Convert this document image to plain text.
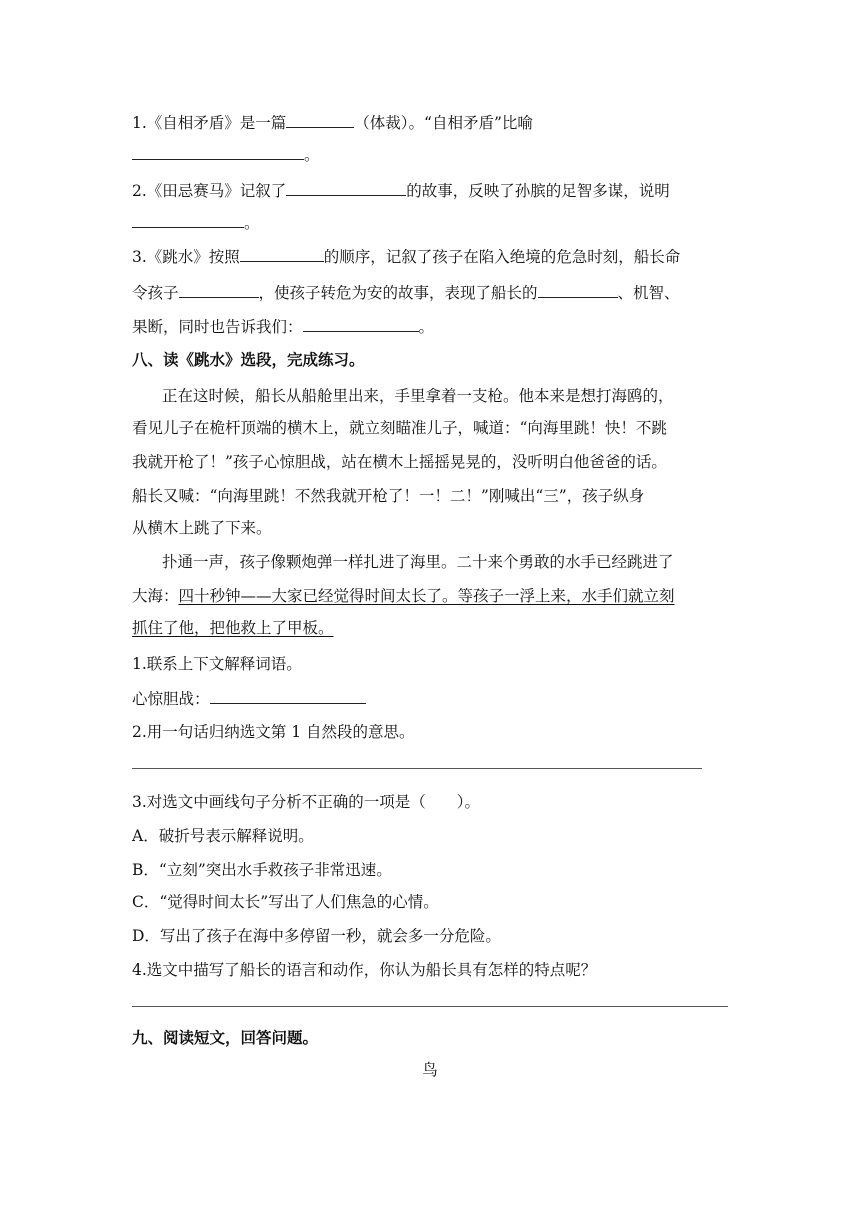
1.《自相矛盾》是一篇	（体裁）。“自相矛盾”比喻
。
2.《田忌赛马》记叙了	的故事，反映了孙膑的足智多谋，说明
。
3.《跳水》按照	的顺序，记叙了孩子在陷入绝境的危急时刻，船长命
令孩子	，使孩子转危为安的故事，表现了船长的	、机智、
果断，同时也告诉我们：	。
八、读《跳水》选段，完成练习。
正在这时候，船长从船舱里出来，手里拿着一支枪。他本来是想打海鸥的，
看见儿子在桅杆顶端的横木上，就立刻瞄准儿子，喊道：“向海里跳！快！不跳
我就开枪了！”孩子心惊胆战，站在横木上摇摇晃晃的，没听明白他爸爸的话。
船长又喊：“向海里跳！不然我就开枪了！一！二！”刚喊出“三”，孩子纵身
从横木上跳了下来。
扑通一声，孩子像颗炮弹一样扎进了海里。二十来个勇敢的水手已经跳进了
大海：四十秒钟——大家已经觉得时间太长了。等孩子一浮上来，水手们就立刻
抓住了他，把他救上了甲板。
1.联系上下文解释词语。
心惊胆战：
2.用一句话归纳选文第 1 自然段的意思。
3.对选文中画线句子分析不正确的一项是（　　）。
A．破折号表示解释说明。
B．“立刻”突出水手救孩子非常迅速。
C．“觉得时间太长”写出了人们焦急的心情。
D．写出了孩子在海中多停留一秒，就会多一分危险。
4.选文中描写了船长的语言和动作，你认为船长具有怎样的特点呢？
九、阅读短文，回答问题。
鸟
